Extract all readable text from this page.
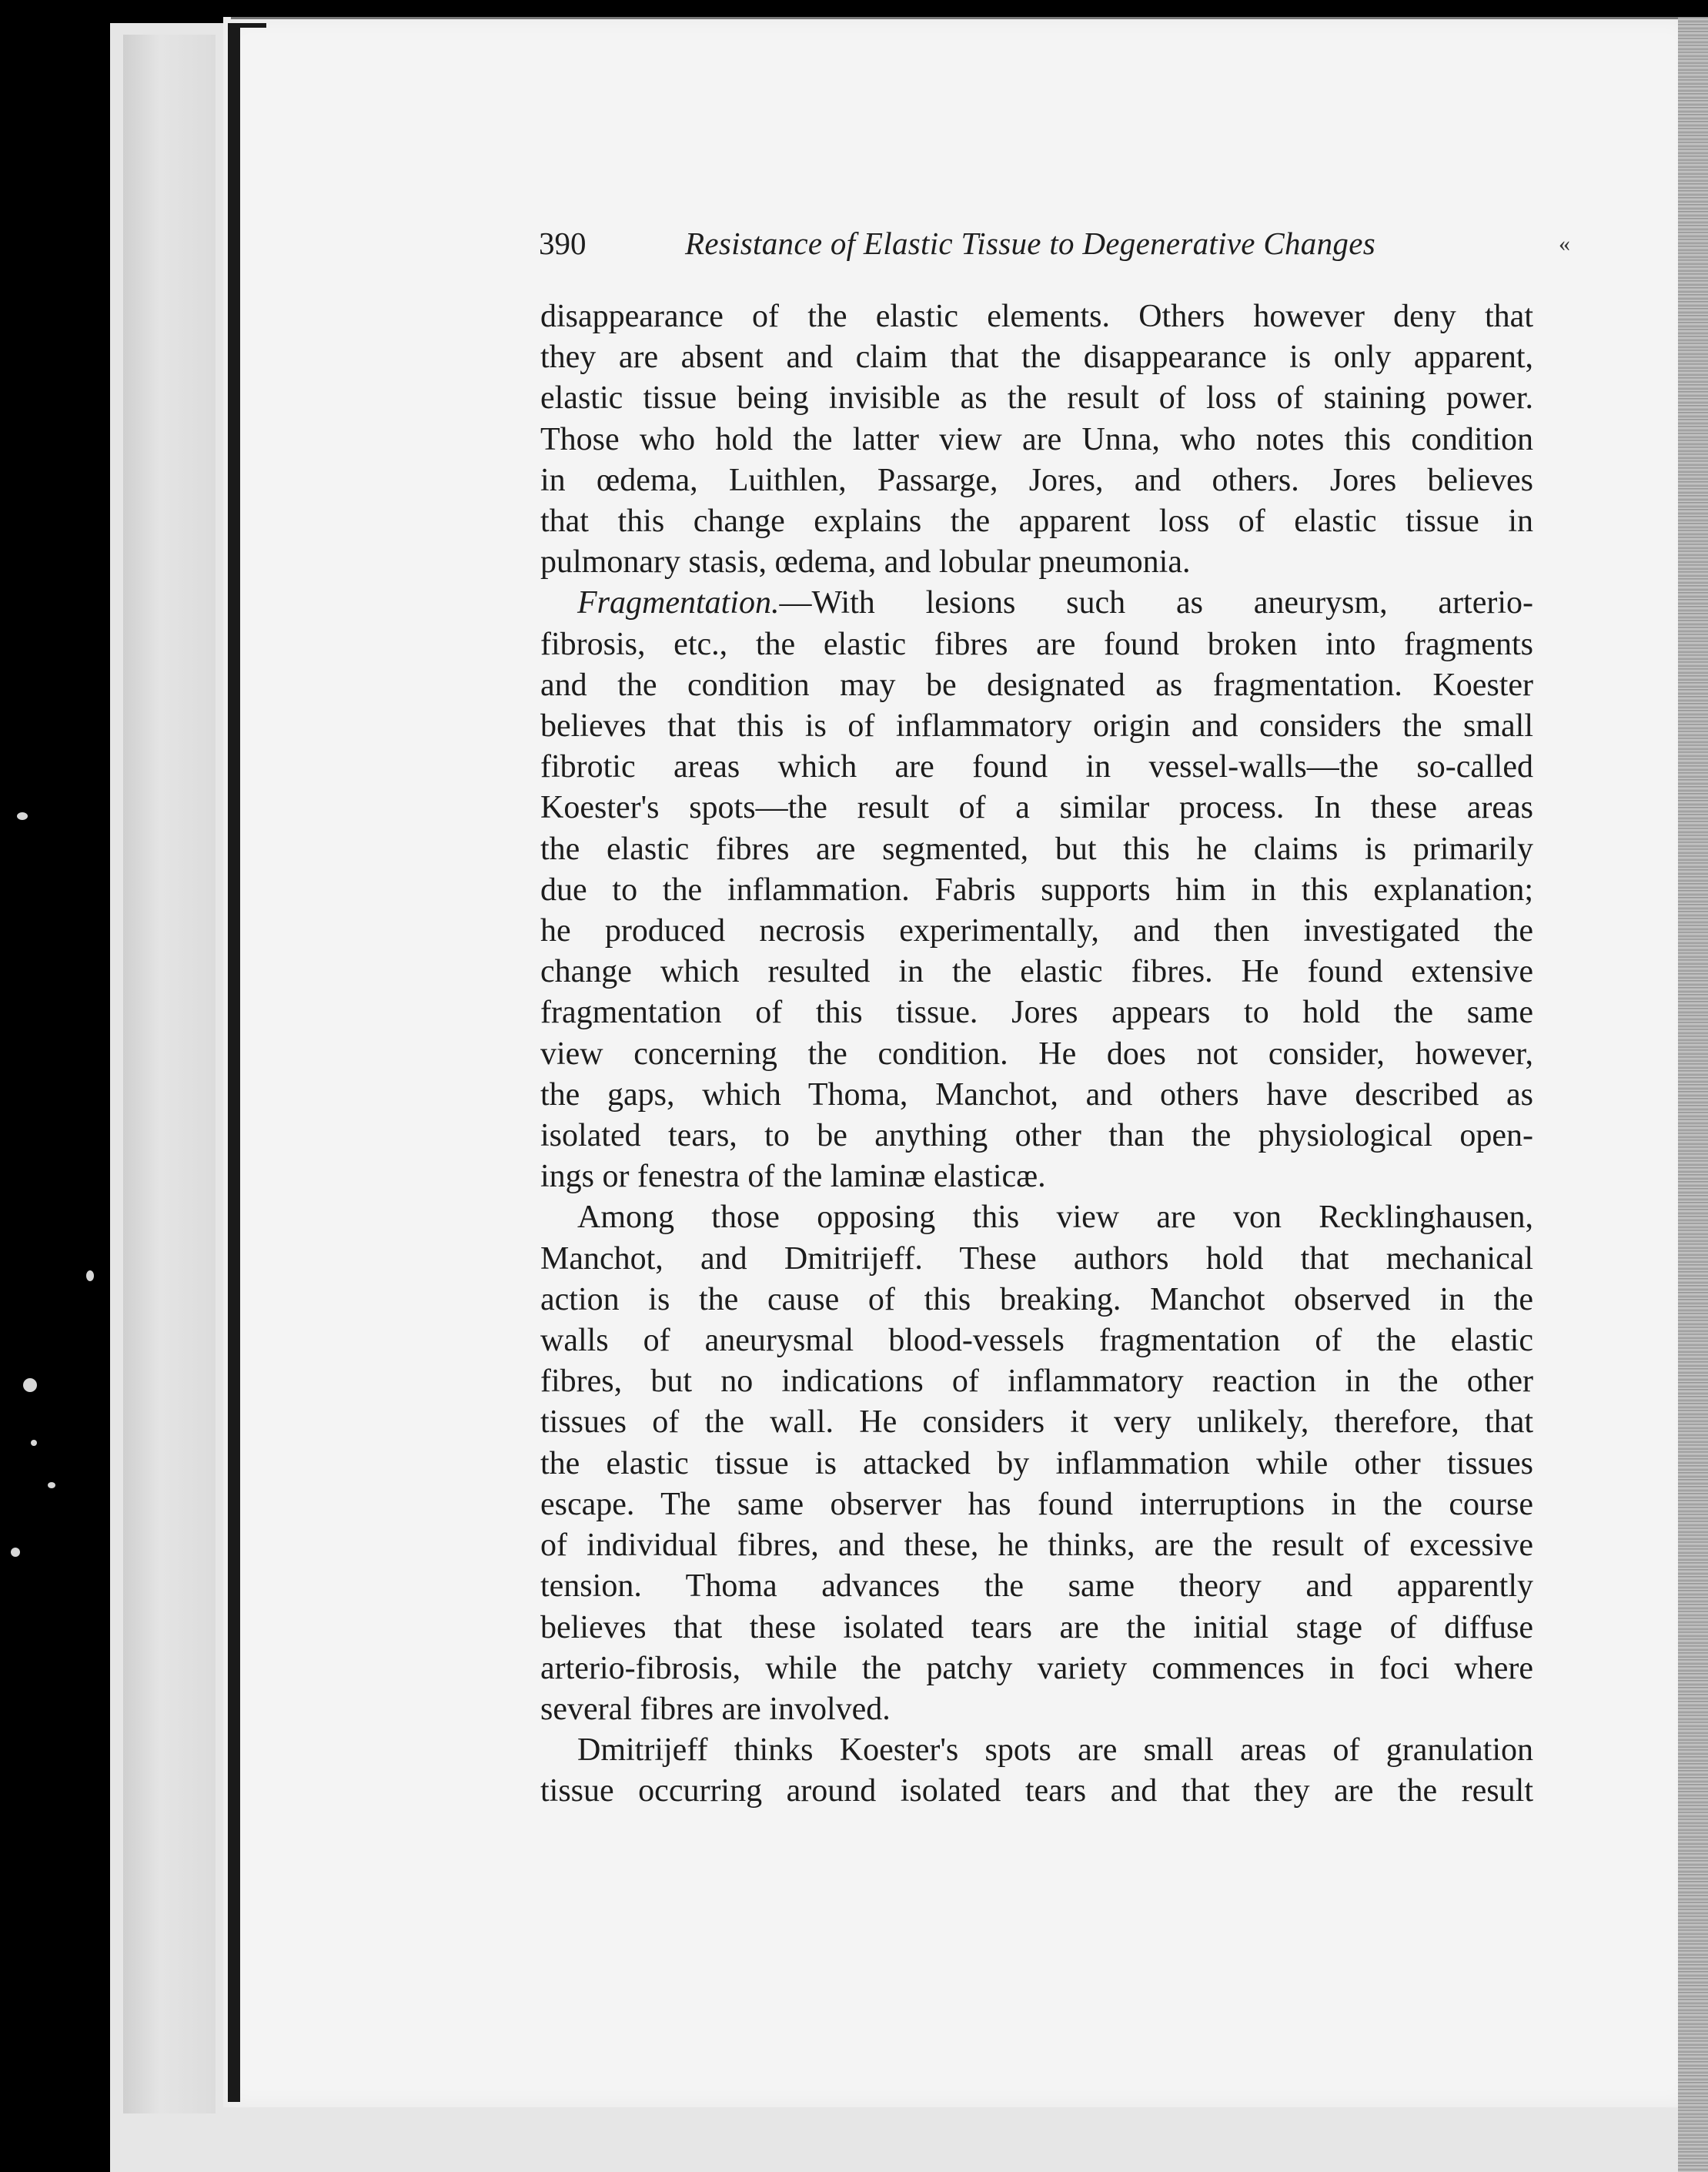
390	Resistance of Elastic Tissue to Degenerative Changes	«

disappearance of the elastic elements. Others however deny that
they are absent and claim that the disappearance is only apparent,
elastic tissue being invisible as the result of loss of staining power.
Those who hold the latter view are Unna, who notes this condition
in œdema, Luithlen, Passarge, Jores, and others. Jores believes
that this change explains the apparent loss of elastic tissue in
pulmonary stasis, œdema, and lobular pneumonia.

Fragmentation.—With lesions such as aneurysm, arterio-
fibrosis, etc., the elastic fibres are found broken into fragments
and the condition may be designated as fragmentation. Koester
believes that this is of inflammatory origin and considers the small
fibrotic areas which are found in vessel-walls—the so-called
Koester's spots—the result of a similar process. In these areas
the elastic fibres are segmented, but this he claims is primarily
due to the inflammation. Fabris supports him in this explanation;
he produced necrosis experimentally, and then investigated the
change which resulted in the elastic fibres. He found extensive
fragmentation of this tissue. Jores appears to hold the same
view concerning the condition. He does not consider, however,
the gaps, which Thoma, Manchot, and others have described as
isolated tears, to be anything other than the physiological open-
ings or fenestra of the laminæ elasticæ.

Among those opposing this view are von Recklinghausen,
Manchot, and Dmitrijeff. These authors hold that mechanical
action is the cause of this breaking. Manchot observed in the
walls of aneurysmal blood-vessels fragmentation of the elastic
fibres, but no indications of inflammatory reaction in the other
tissues of the wall. He considers it very unlikely, therefore, that
the elastic tissue is attacked by inflammation while other tissues
escape. The same observer has found interruptions in the course
of individual fibres, and these, he thinks, are the result of excessive
tension. Thoma advances the same theory and apparently
believes that these isolated tears are the initial stage of diffuse
arterio-fibrosis, while the patchy variety commences in foci where
several fibres are involved.

Dmitrijeff thinks Koester's spots are small areas of granulation
tissue occurring around isolated tears and that they are the result
